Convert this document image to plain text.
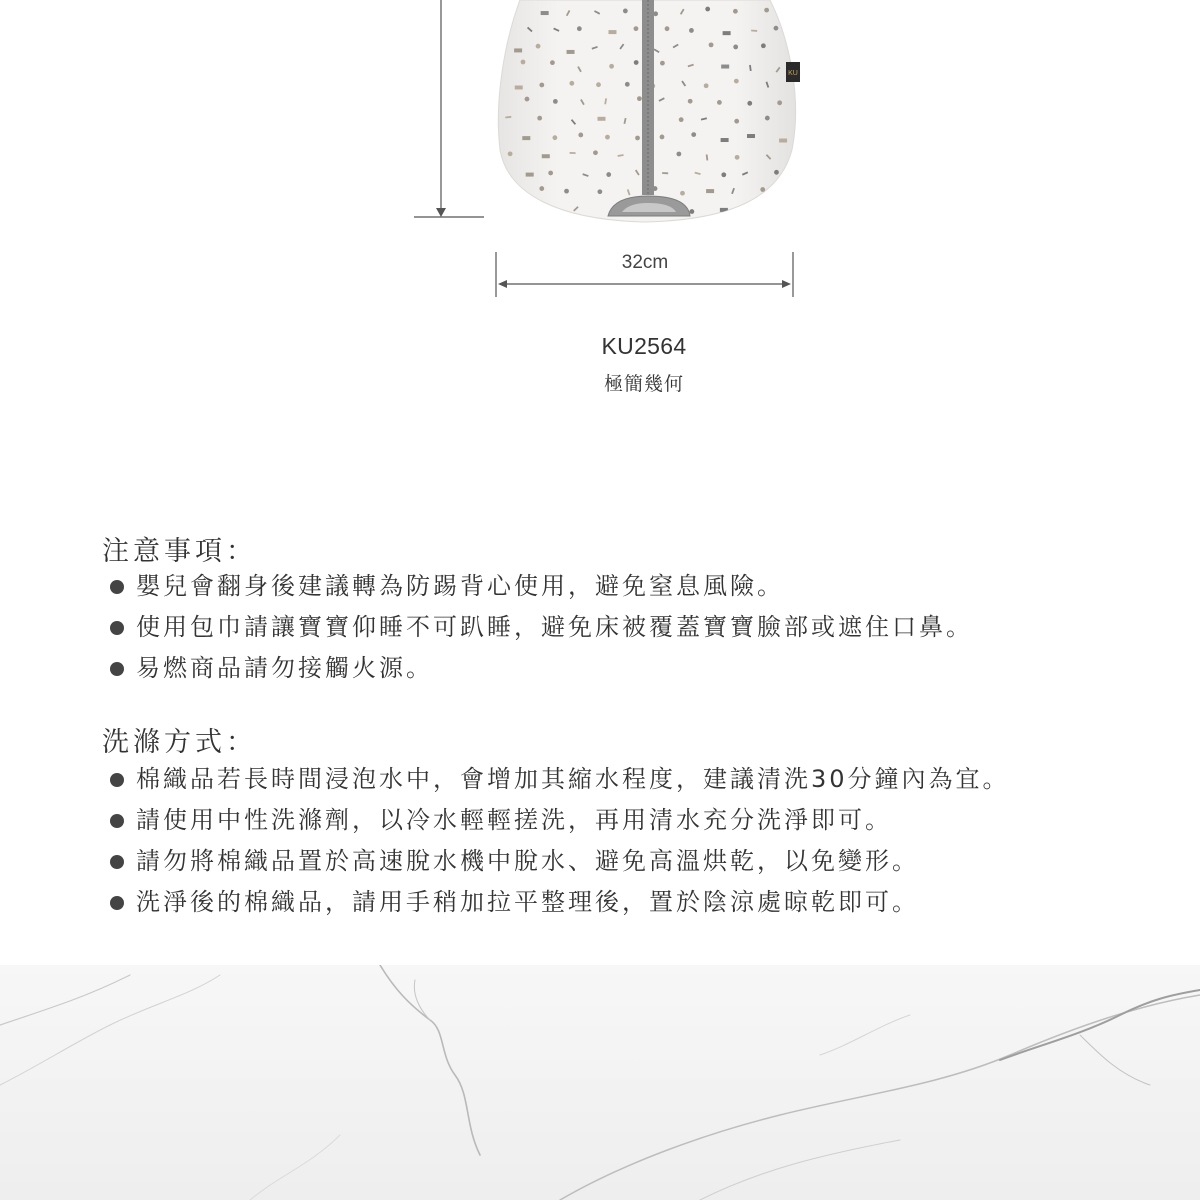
KU
32cm
KU2564
極簡幾何
注意事項：
嬰兒會翻身後建議轉為防踢背心使用，避免窒息風險。
使用包巾請讓寶寶仰睡不可趴睡，避免床被覆蓋寶寶臉部或遮住口鼻。
易燃商品請勿接觸火源。
洗滌方式：
棉織品若長時間浸泡水中，會增加其縮水程度，建議清洗30分鐘內為宜。
請使用中性洗滌劑，以冷水輕輕搓洗，再用清水充分洗淨即可。
請勿將棉織品置於高速脫水機中脫水、避免高溫烘乾，以免變形。
洗淨後的棉織品，請用手稍加拉平整理後，置於陰涼處晾乾即可。
